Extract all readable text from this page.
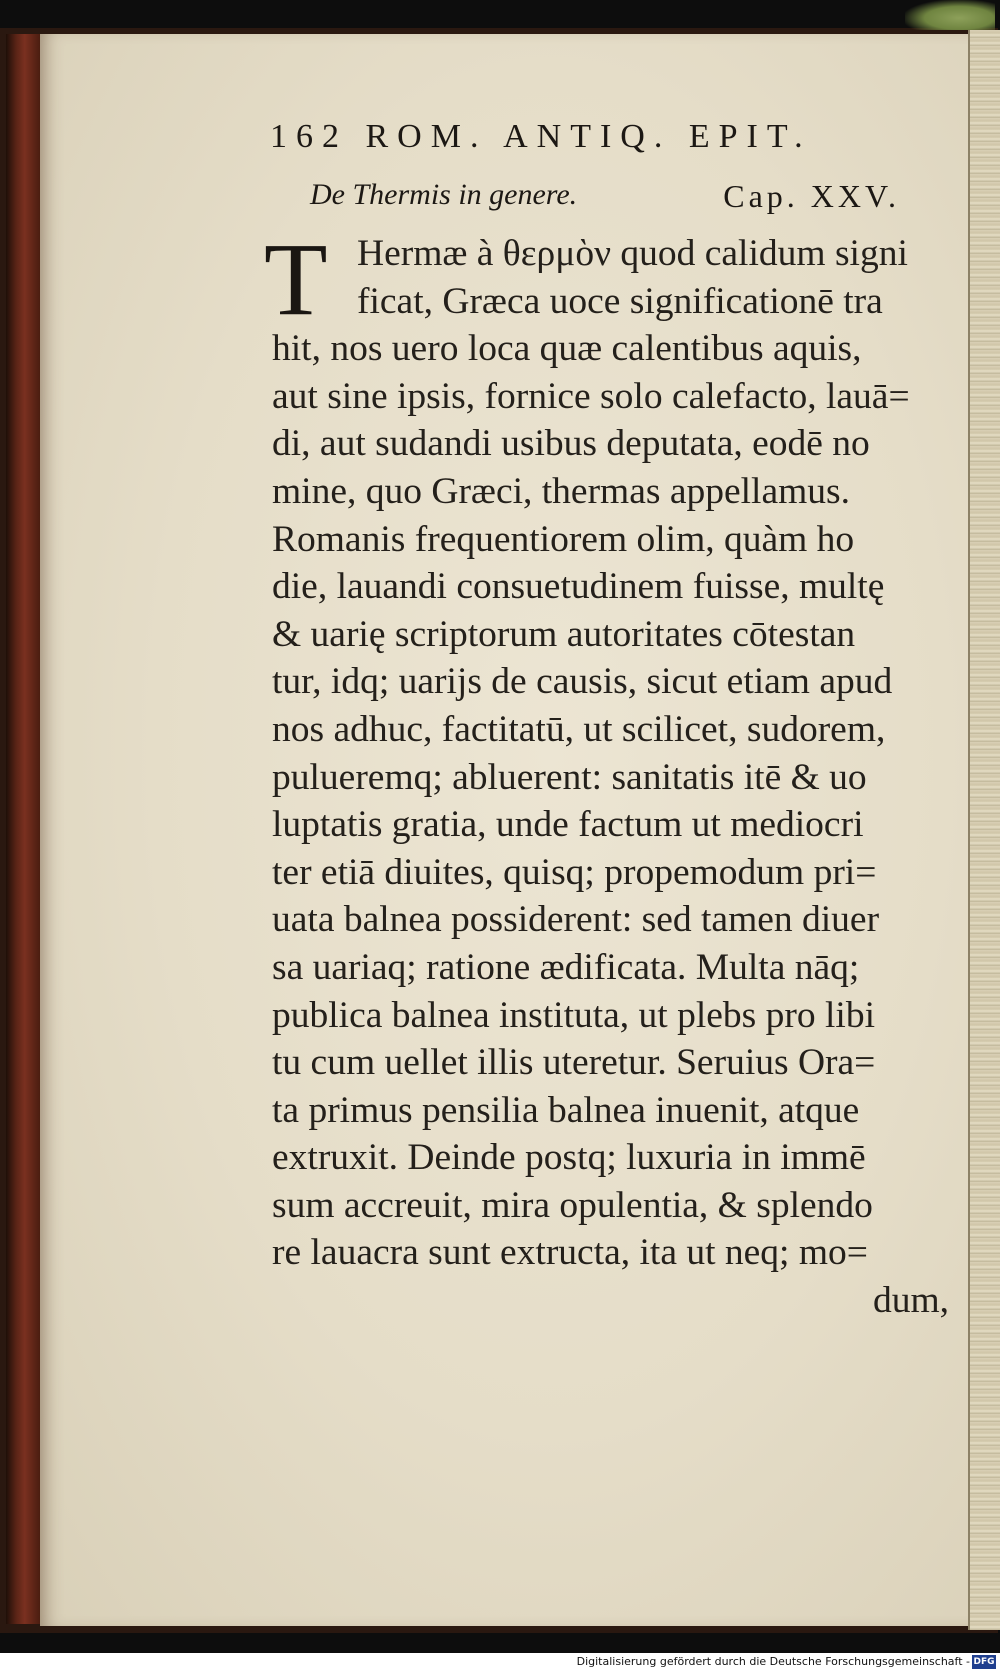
162 ROM. ANTIQ. EPIT.
De Thermis in genere.	Cap. XXV.
T Hermæ à θερμὸν quod calidum signi
ficat, Græca uoce significationē tra
hit, nos uero loca quæ calentibus aquis,
aut sine ipsis, fornice solo calefacto, lauā=
di, aut sudandi usibus deputata, eodē no
mine, quo Græci, thermas appellamus.
Romanis frequentiorem olim, quàm ho
die, lauandi consuetudinem fuisse, multę
& uarię scriptorum autoritates cōtestan
tur, idq; uarijs de causis, sicut etiam apud
nos adhuc, factitatū, ut scilicet, sudorem,
pulueremq; abluerent: sanitatis itē & uo
luptatis gratia, unde factum ut mediocri
ter etiā diuites, quisq; propemodum pri=
uata balnea possiderent: sed tamen diuer
sa uariaq; ratione ædificata. Multa nāq;
publica balnea instituta, ut plebs pro libi
tu cum uellet illis uteretur. Seruius Ora=
ta primus pensilia balnea inuenit, atque
extruxit. Deinde postq; luxuria in immē
sum accreuit, mira opulentia, & splendo
re lauacra sunt extructa, ita ut neq; mo=
dum,
Digitalisierung gefördert durch die Deutsche Forschungsgemeinschaft - DFG
